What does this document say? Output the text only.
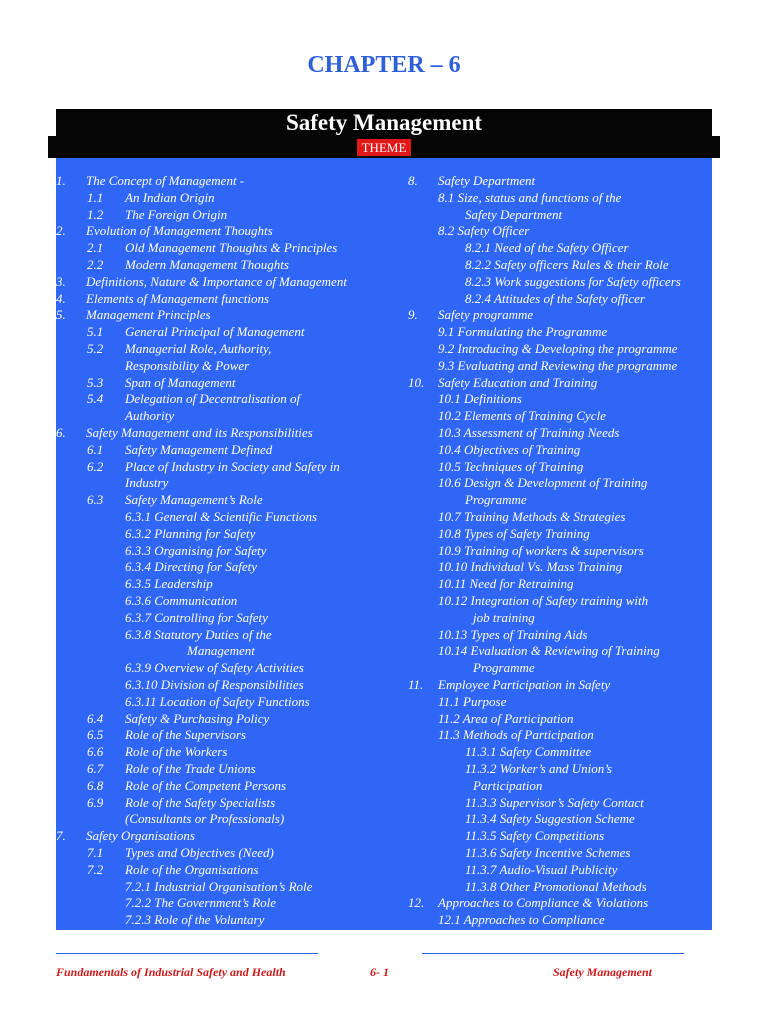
CHAPTER – 6
Safety Management
THEME
1. The Concept of Management -
1.1 An Indian Origin
1.2 The Foreign Origin
2. Evolution of Management Thoughts
2.1 Old Management Thoughts & Principles
2.2 Modern Management Thoughts
3. Definitions, Nature & Importance of Management
4. Elements of Management functions
5. Management Principles
5.1 General Principal of Management
5.2 Managerial Role, Authority,
Responsibility & Power
5.3 Span of Management
5.4 Delegation of Decentralisation of
Authority
6. Safety Management and its Responsibilities
6.1 Safety Management Defined
6.2 Place of Industry in Society and Safety in
Industry
6.3 Safety Management’s Role
6.3.1 General & Scientific Functions
6.3.2 Planning for Safety
6.3.3 Organising for Safety
6.3.4 Directing for Safety
6.3.5 Leadership
6.3.6 Communication
6.3.7 Controlling for Safety
6.3.8 Statutory Duties of the
Management
6.3.9 Overview of Safety Activities
6.3.10 Division of Responsibilities
6.3.11 Location of Safety Functions
6.4 Safety & Purchasing Policy
6.5 Role of the Supervisors
6.6 Role of the Workers
6.7 Role of the Trade Unions
6.8 Role of the Competent Persons
6.9 Role of the Safety Specialists
(Consultants or Professionals)
7. Safety Organisations
7.1 Types and Objectives (Need)
7.2 Role of the Organisations
7.2.1 Industrial Organisation’s Role
7.2.2 The Government’s Role
7.2.3 Role of the Voluntary
8. Safety Department
8.1 Size, status and functions of the
Safety Department
8.2 Safety Officer
8.2.1 Need of the Safety Officer
8.2.2 Safety officers Rules & their Role
8.2.3 Work suggestions for Safety officers
8.2.4 Attitudes of the Safety officer
9. Safety programme
9.1 Formulating the Programme
9.2 Introducing & Developing the programme
9.3 Evaluating and Reviewing the programme
10. Safety Education and Training
10.1 Definitions
10.2 Elements of Training Cycle
10.3 Assessment of Training Needs
10.4 Objectives of Training
10.5 Techniques of Training
10.6 Design & Development of Training
Programme
10.7 Training Methods & Strategies
10.8 Types of Safety Training
10.9 Training of workers & supervisors
10.10 Individual Vs. Mass Training
10.11 Need for Retraining
10.12 Integration of Safety training with
job training
10.13 Types of Training Aids
10.14 Evaluation & Reviewing of Training
Programme
11. Employee Participation in Safety
11.1 Purpose
11.2 Area of Participation
11.3 Methods of Participation
11.3.1 Safety Committee
11.3.2 Worker’s and Union’s
Participation
11.3.3 Supervisor’s Safety Contact
11.3.4 Safety Suggestion Scheme
11.3.5 Safety Competitions
11.3.6 Safety Incentive Schemes
11.3.7 Audio-Visual Publicity
11.3.8 Other Promotional Methods
12. Approaches to Compliance & Violations
12.1 Approaches to Compliance
Fundamentals of Industrial Safety and Health	6- 1	Safety Management
